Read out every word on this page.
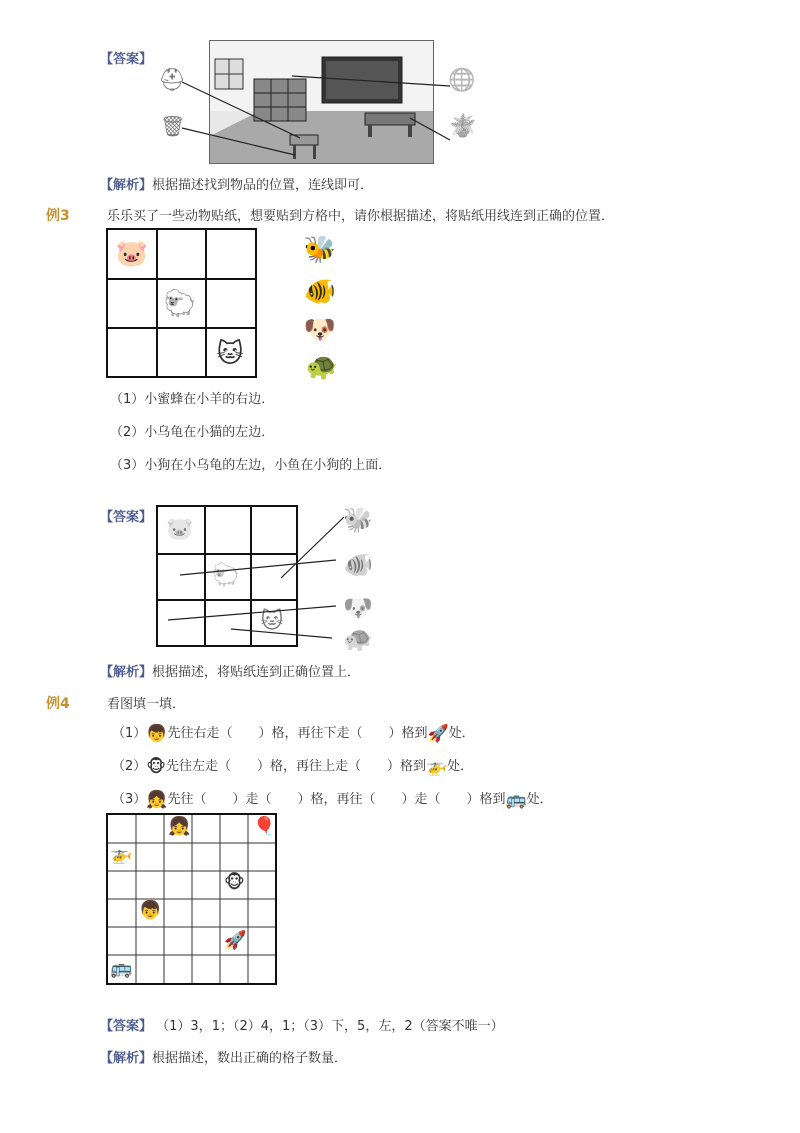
【答案】
⛑
🗑
🌐
🪴
【解析】根据描述找到物品的位置，连线即可．
例3	乐乐买了一些动物贴纸，想要贴到方格中，请你根据描述，将贴纸用线连到正确的位置．
🐷
🐑
🐱
🐝
🐠
🐶
🐢
（1）小蜜蜂在小羊的右边．
（2）小乌龟在小猫的左边．
（3）小狗在小乌龟的左边，小鱼在小狗的上面．
【答案】 🐷
🐑
🐱
🐝
🐠
🐶
🐢
【解析】根据描述，将贴纸连到正确位置上．
例4	看图填一填．
（1）👦先往右走（　　）格，再往下走（　　）格到🚀处．
（2）🐵先往左走（　　）格，再往上走（　　）格到🚁处．
（3）👧先往（　　）走（　　）格，再往（　　）走（　　）格到🚌处．
👧	🎈
🚁
🐵
👦
🚀
🚌
【答案】 （1）3，1；（2）4，1；（3）下，5，左，2（答案不唯一）
【解析】根据描述，数出正确的格子数量．
